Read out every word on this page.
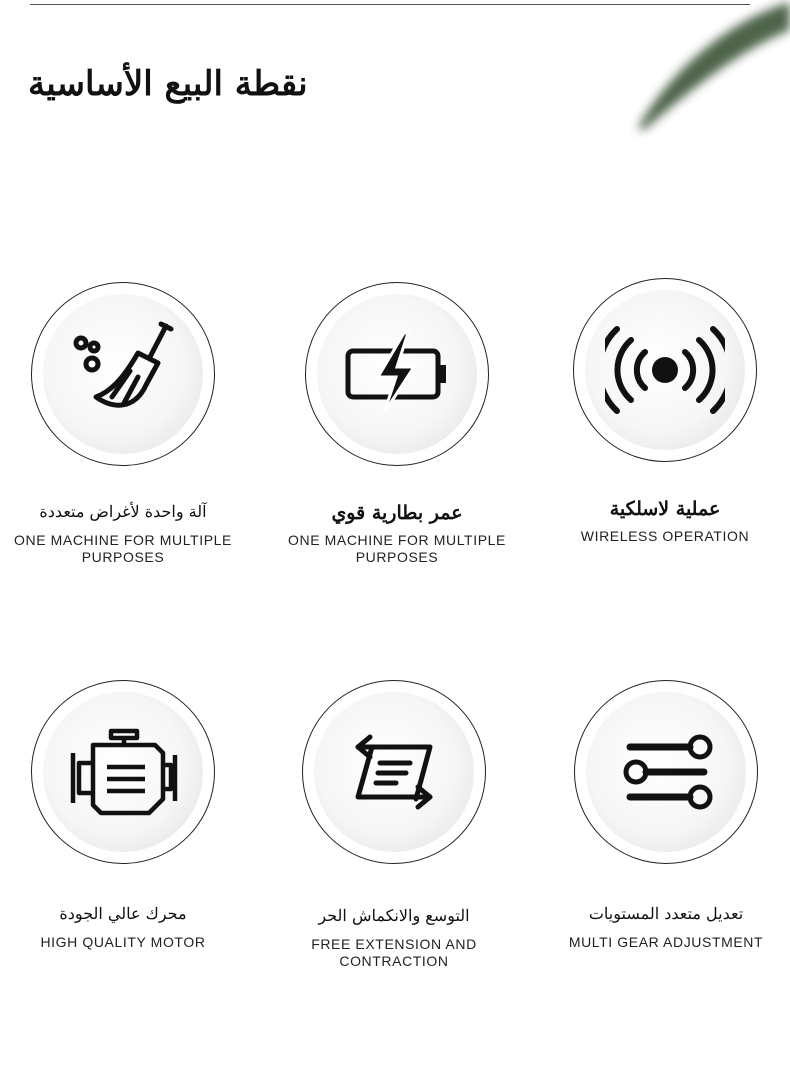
نقطة البيع الأساسية
آلة واحدة لأغراض متعددة
ONE MACHINE FOR MULTIPLE PURPOSES
عمر بطارية قوي
ONE MACHINE FOR MULTIPLE PURPOSES
عملية لاسلكية
WIRELESS OPERATION
محرك عالي الجودة
HIGH QUALITY MOTOR
التوسع والانكماش الحر
FREE EXTENSION AND CONTRACTION
تعديل متعدد المستويات
MULTI GEAR ADJUSTMENT
